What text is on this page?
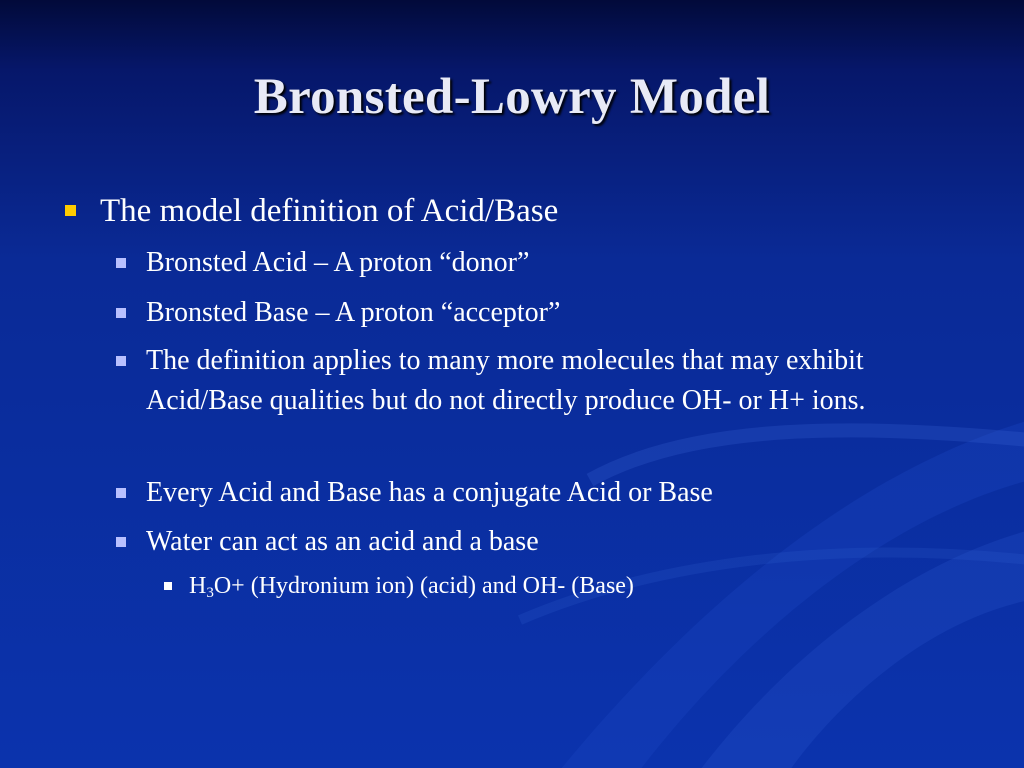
Bronsted-Lowry Model
The model definition of Acid/Base
Bronsted Acid – A proton “donor”
Bronsted Base – A proton “acceptor”
The definition applies to many more molecules that may exhibit Acid/Base qualities but do not directly produce OH- or H+ ions.
Every Acid and Base has a conjugate Acid or Base
Water can act as an acid and a base
$H_3O+$ (Hydronium ion) (acid) and OH- (Base)
